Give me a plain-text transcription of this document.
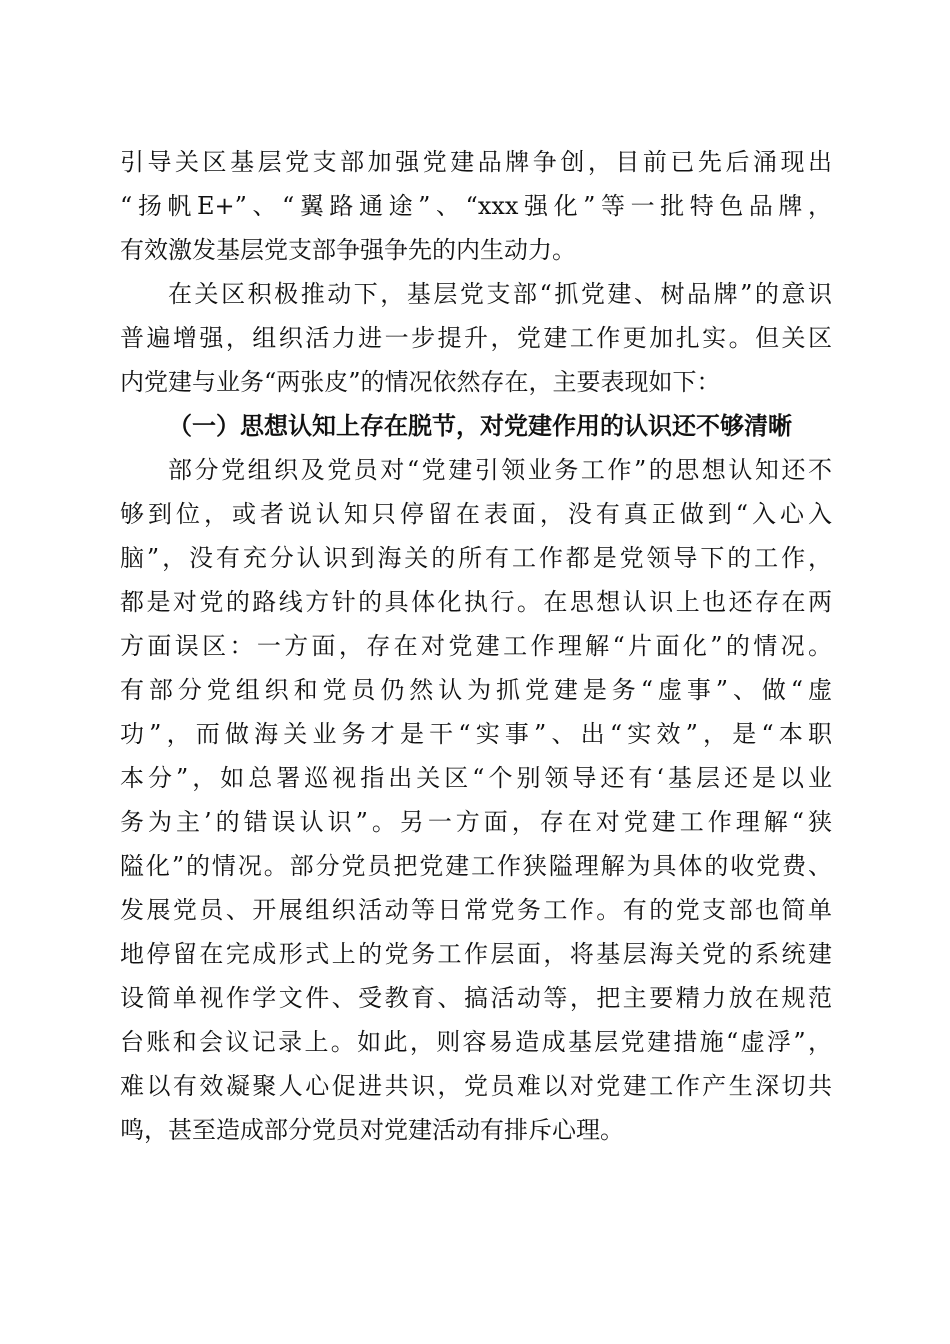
引导关区基层党支部加强党建品牌争创，目前已先后涌现出
“扬帆E+”、“翼路通途”、“xxx强化”等一批特色品牌，
有效激发基层党支部争强争先的内生动力。
在关区积极推动下，基层党支部“抓党建、树品牌”的意识
普遍增强，组织活力进一步提升，党建工作更加扎实。但关区
内党建与业务“两张皮”的情况依然存在，主要表现如下：
（一）思想认知上存在脱节，对党建作用的认识还不够清晰
部分党组织及党员对“党建引领业务工作”的思想认知还不
够到位，或者说认知只停留在表面，没有真正做到“入心入
脑”，没有充分认识到海关的所有工作都是党领导下的工作，
都是对党的路线方针的具体化执行。在思想认识上也还存在两
方面误区：一方面，存在对党建工作理解“片面化”的情况。
有部分党组织和党员仍然认为抓党建是务“虚事”、做“虚
功”，而做海关业务才是干“实事”、出“实效”，是“本职
本分”，如总署巡视指出关区“个别领导还有‘基层还是以业
务为主’的错误认识”。另一方面，存在对党建工作理解“狭
隘化”的情况。部分党员把党建工作狭隘理解为具体的收党费、
发展党员、开展组织活动等日常党务工作。有的党支部也简单
地停留在完成形式上的党务工作层面，将基层海关党的系统建
设简单视作学文件、受教育、搞活动等，把主要精力放在规范
台账和会议记录上。如此，则容易造成基层党建措施“虚浮”，
难以有效凝聚人心促进共识，党员难以对党建工作产生深切共
鸣，甚至造成部分党员对党建活动有排斥心理。
